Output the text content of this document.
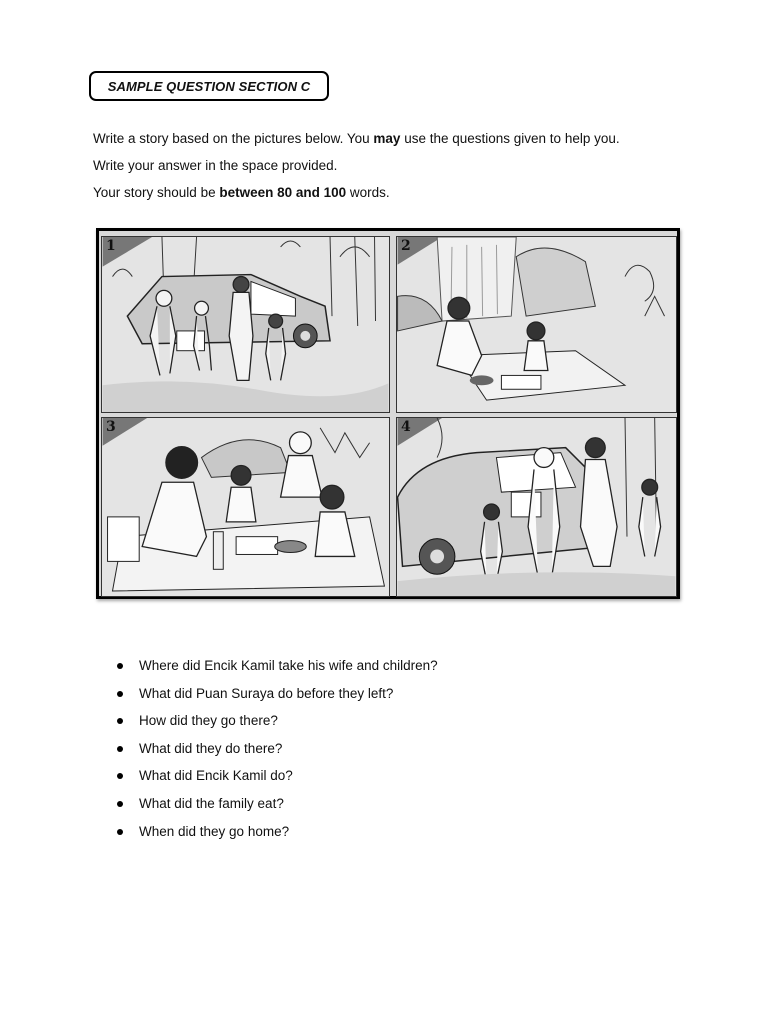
SAMPLE QUESTION SECTION C

Write a story based on the pictures below. You may use the questions given to help you.

Write your answer in the space provided.

Your story should be between 80 and 100 words.

1	2
3	4
Where did Encik Kamil take his wife and children?
What did Puan Suraya do before they left?
How did they go there?
What did they do there?
What did Encik Kamil do?
What did the family eat?
When did they go home?
